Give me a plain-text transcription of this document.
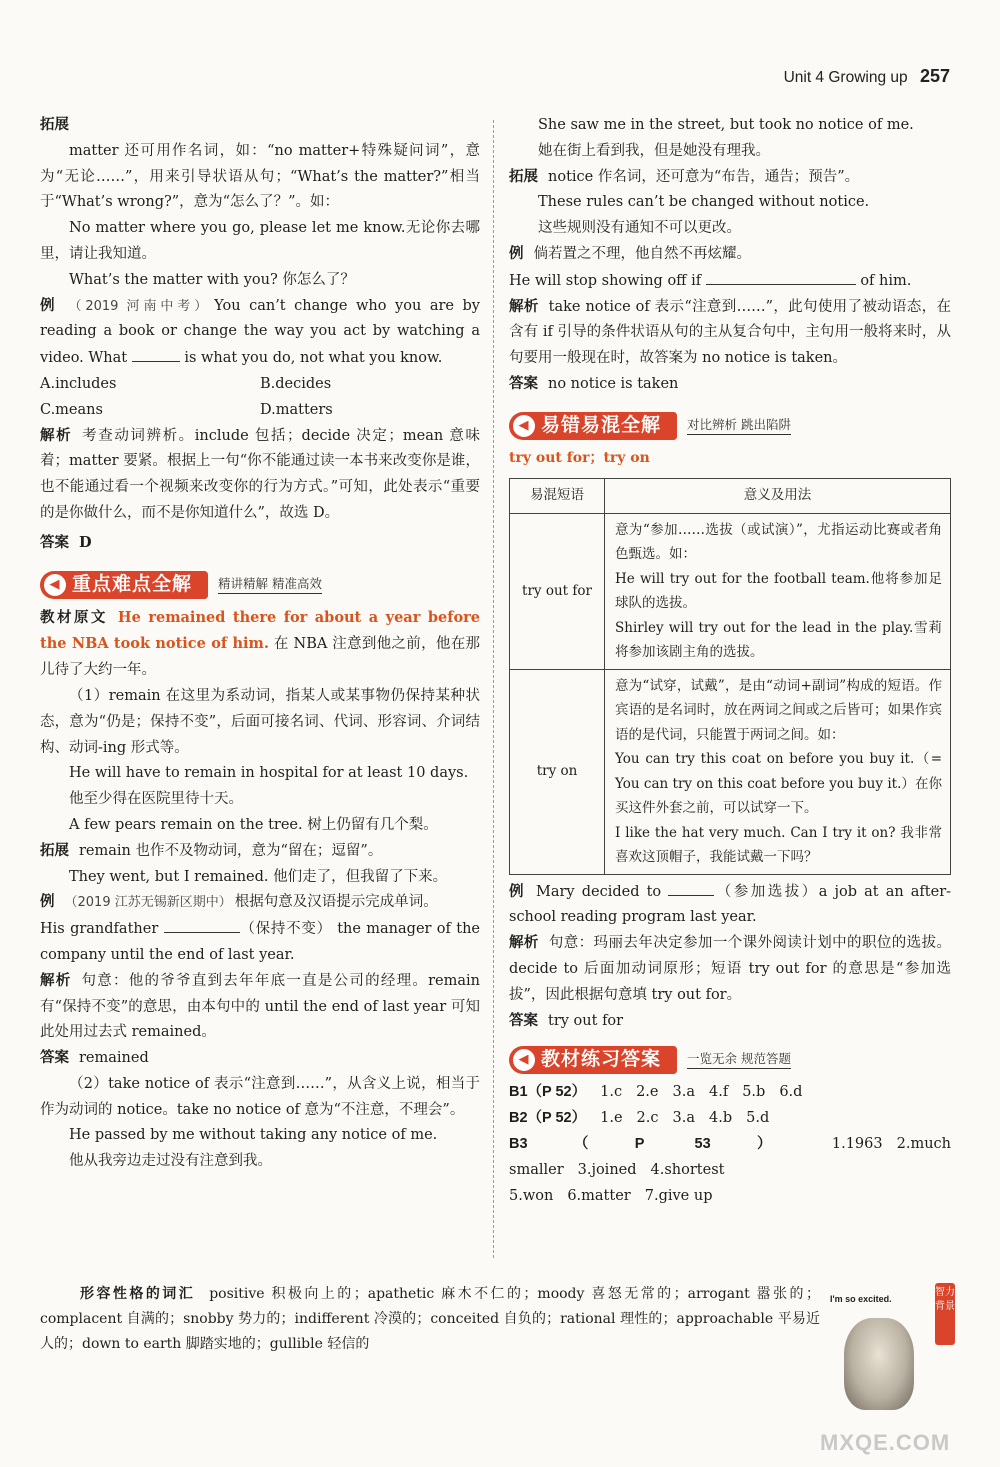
Unit 4 Growing up 257

拓展

matter 还可用作名词，如：“no matter+特殊疑问词”，意为“无论……”，用来引导状语从句；“What’s the matter?”相当于“What’s wrong?”，意为“怎么了？”。如：

No matter where you go, please let me know.无论你去哪里，请让我知道。

What’s the matter with you? 你怎么了？

例 （2019 河南中考） You can’t change who you are by reading a book or change the way you act by watching a video. What	is what you do, not what you know.

A.includes	B.decides
C.means	D.matters

解析 考查动词辨析。include 包括；decide 决定；mean 意味着；matter 要紧。根据上一句“你不能通过读一本书来改变你是谁，也不能通过看一个视频来改变你的行为方式。”可知，此处表示“重要的是你做什么，而不是你知道什么”，故选 D。

答案 D

◀ 重点难点全解 精讲精解 精准高效

教材原文 He remained there for about a year before the NBA took notice of him. 在 NBA 注意到他之前，他在那儿待了大约一年。

（1）remain 在这里为系动词，指某人或某事物仍保持某种状态，意为“仍是；保持不变”，后面可接名词、代词、形容词、介词结构、动词-ing 形式等。

He will have to remain in hospital for at least 10 days.

他至少得在医院里待十天。

A few pears remain on the tree. 树上仍留有几个梨。

拓展 remain 也作不及物动词，意为“留在；逗留”。

They went, but I remained. 他们走了，但我留了下来。

例 （2019 江苏无锡新区期中） 根据句意及汉语提示完成单词。

His grandfather	（保持不变） the manager of the company until the end of last year.

解析 句意：他的爷爷直到去年年底一直是公司的经理。remain 有“保持不变”的意思，由本句中的 until the end of last year 可知此处用过去式 remained。

答案 remained

（2）take notice of 表示“注意到……”，从含义上说，相当于作为动词的 notice。take no notice of 意为“不注意，不理会”。

He passed by me without taking any notice of me.

他从我旁边走过没有注意到我。

She saw me in the street, but took no notice of me.

她在街上看到我，但是她没有理我。

拓展 notice 作名词，还可意为“布告，通告；预告”。

These rules can’t be changed without notice.

这些规则没有通知不可以更改。

例 倘若置之不理，他自然不再炫耀。

He will stop showing off if	of him.

解析 take notice of 表示“注意到……”，此句使用了被动语态，在含有 if 引导的条件状语从句的主从复合句中，主句用一般将来时，从句要用一般现在时，故答案为 no notice is taken。

答案 no notice is taken

◀ 易错易混全解 对比辨析 跳出陷阱

try out for；try on

易混短语	意义及用法
try out for	意为“参加……选拔（或试演）”，尤指运动比赛或者角色甄选。如：

He will try out for the football team.他将参加足球队的选拔。

Shirley will try out for the lead in the play.雪莉将参加该剧主角的选拔。

try on	意为“试穿，试戴”，是由“动词+副词”构成的短语。作宾语的是名词时，放在两词之间或之后皆可；如果作宾语的是代词，只能置于两词之间。如：

You can try this coat on before you buy it.（= You can try on this coat before you buy it.）在你买这件外套之前，可以试穿一下。

I like the hat very much. Can I try it on? 我非常喜欢这顶帽子，我能试戴一下吗？

例 Mary decided to	（参加选拔）a job at an after-school reading program last year.

解析 句意：玛丽去年决定参加一个课外阅读计划中的职位的选拔。decide to 后面加动词原形；短语 try out for 的意思是“参加选拔”，因此根据句意填 try out for。

答案 try out for

◀ 教材练习答案 一览无余 规范答题

B1（P 52） 1.c 2.e 3.a 4.f 5.b 6.d

B2（P 52） 1.e 2.c 3.a 4.b 5.d

B3（P 53） 1.1963 2.much smaller 3.joined 4.shortest

5.won 6.matter 7.give up

形容性格的词汇 positive 积极向上的；apathetic 麻木不仁的；moody 喜怒无常的；arrogant 嚣张的；complacent 自满的；snobby 势力的；indifferent 冷漠的；conceited 自负的；rational 理性的；approachable 平易近人的；down to earth 脚踏实地的；gullible 轻信的
I'm so excited.
智力背景
MXQE.COM
